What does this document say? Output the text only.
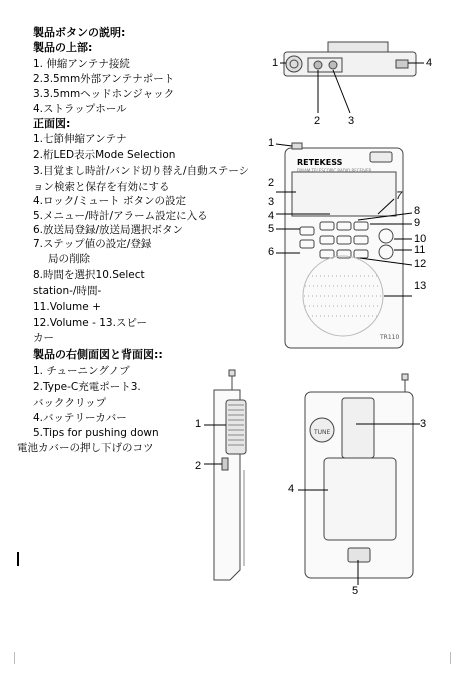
製品ボタンの説明:
製品の上部:
1. 伸縮アンテナ接続
2.3.5mm外部アンテナポート
3.3.5mmヘッドホンジャック
4.ストラップホール
正面図:
1.七節伸縮アンテナ
2.桁LED表示Mode Selection
3.目覚まし時計/バンド切り替え/自動ステーシ
ョン検索と保存を有効にする
4.ロック/ミュート ボタンの設定
5.メニュー/時計/アラーム設定に入る
6.放送局登録/放送局選択ボタン
7.ステップ値の設定/登録
局の削除
8.時間を選択10.Select
station-/時間-
11.Volume +
12.Volume - 13.スピー
カー
製品の右側面図と背面図::
1. チューニングノブ
2.Type-C充電ポート3.
バッククリップ
4.バッテリーカバー
5.Tips for pushing down
電池カバーの押し下げのコツ
RETEKESS
FM/AM TELESCOPIC RADIO RECEIVER
TR110
TUNE
1
2	3
4
1
2
3
4
5
6
7
8
9
10
11
12
13
1
2
3
4
5
